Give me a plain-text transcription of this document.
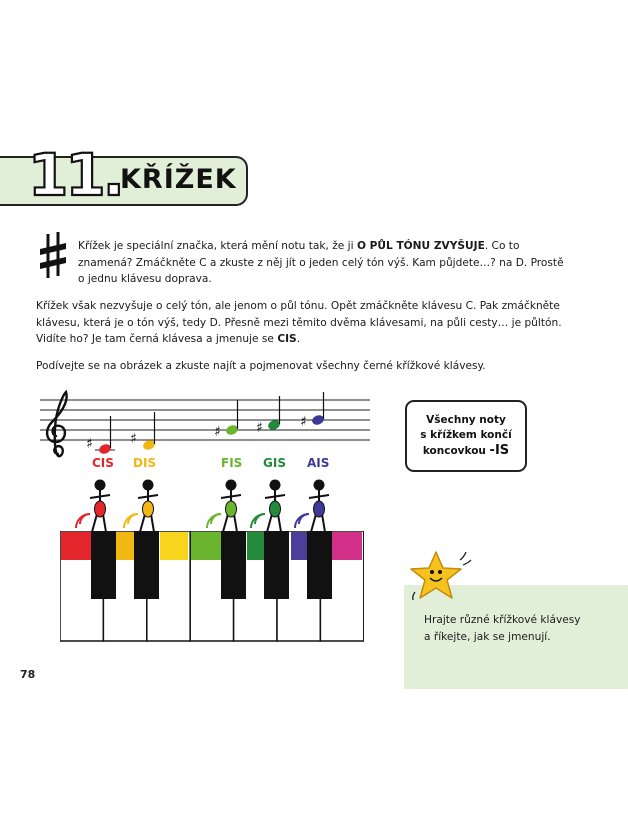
11.
KŘÍŽEK
Křížek je speciální značka, která mění notu tak, že ji O PŮL TÓNU ZVYŠUJE. Co to znamená? Zmáčkněte C a zkuste z něj jít o jeden celý tón výš. Kam půjdete…? na D. Prostě o jednu klávesu doprava.
Křížek však nezvyšuje o celý tón, ale jenom o půl tónu. Opět zmáčkněte klávesu C. Pak zmáčkněte klávesu, která je o tón výš, tedy D. Přesně mezi těmito dvěma klávesami, na půli cesty… je půltón. Vidíte ho? Je tam černá klávesa a jmenuje se CIS.
Podívejte se na obrázek a zkuste najít a pojmenovat všechny černé křížkové klávesy.
♯	♯	♯	♯	♯	Všechny noty
s křížkem končí
koncovkou -IS
CIS DIS	FIS GIS AIS
Hrajte různé křížkové klávesy
a říkejte, jak se jmenují.
78
